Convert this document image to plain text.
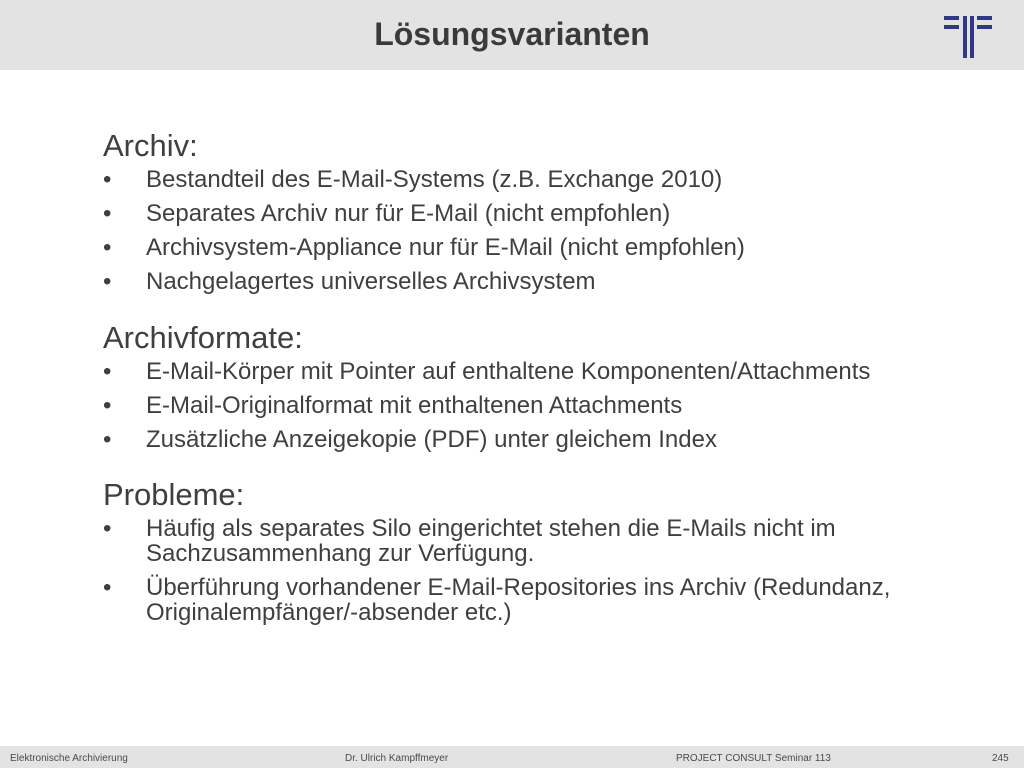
Lösungsvarianten
Archiv:
• Bestandteil des E-Mail-Systems (z.B. Exchange 2010)
• Separates Archiv nur für E-Mail (nicht empfohlen)
• Archivsystem-Appliance nur für E-Mail (nicht empfohlen)
• Nachgelagertes universelles Archivsystem
Archivformate:
• E-Mail-Körper mit Pointer auf enthaltene Komponenten/Attachments
• E-Mail-Originalformat mit enthaltenen Attachments
• Zusätzliche Anzeigekopie (PDF) unter gleichem Index
Probleme:
• Häufig als separates Silo eingerichtet stehen die E-Mails nicht im Sachzusammenhang zur Verfügung.
• Überführung vorhandener E-Mail-Repositories ins Archiv (Redundanz, Originalempfänger/-absender etc.)
Elektronische Archivierung	Dr. Ulrich Kampffmeyer	PROJECT CONSULT Seminar 113	245
